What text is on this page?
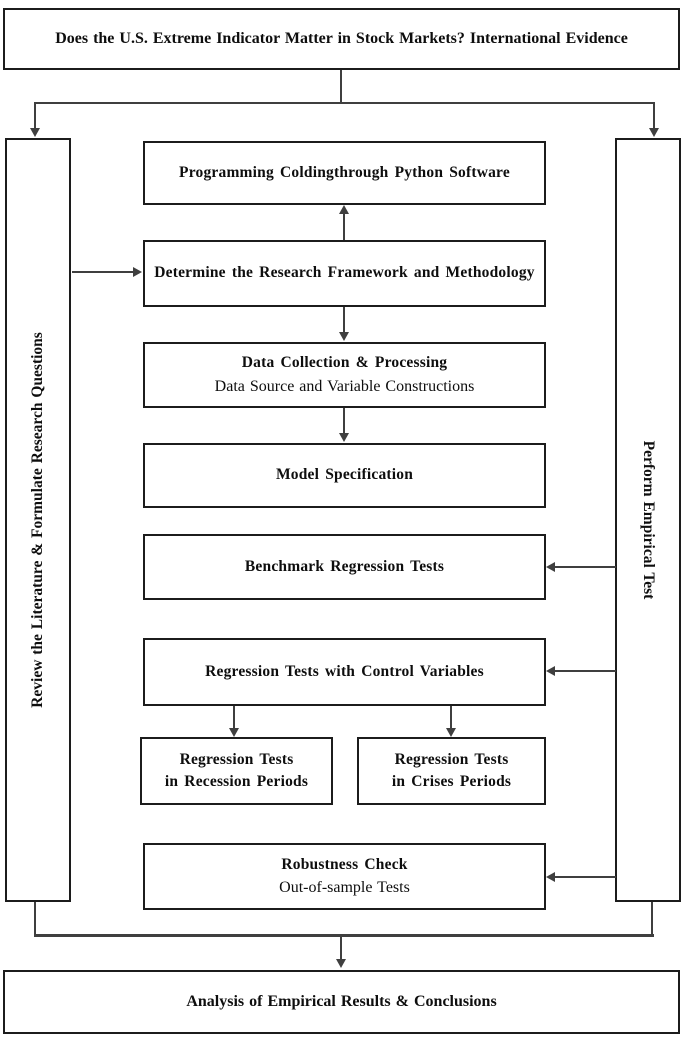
Does the U.S. Extreme Indicator Matter in Stock Markets? International Evidence
Review the Literature & Formulate Research Questions	Perform Empirical Test
Programming Coldingthrough Python Software
Determine the Research Framework and Methodology
Data Collection & Processing
Data Source and Variable Constructions
Model Specification
Benchmark Regression Tests
Regression Tests with Control Variables
Regression Tests
in Recession Periods
Regression Tests
in Crises Periods
Robustness Check
Out-of-sample Tests
Analysis of Empirical Results & Conclusions
